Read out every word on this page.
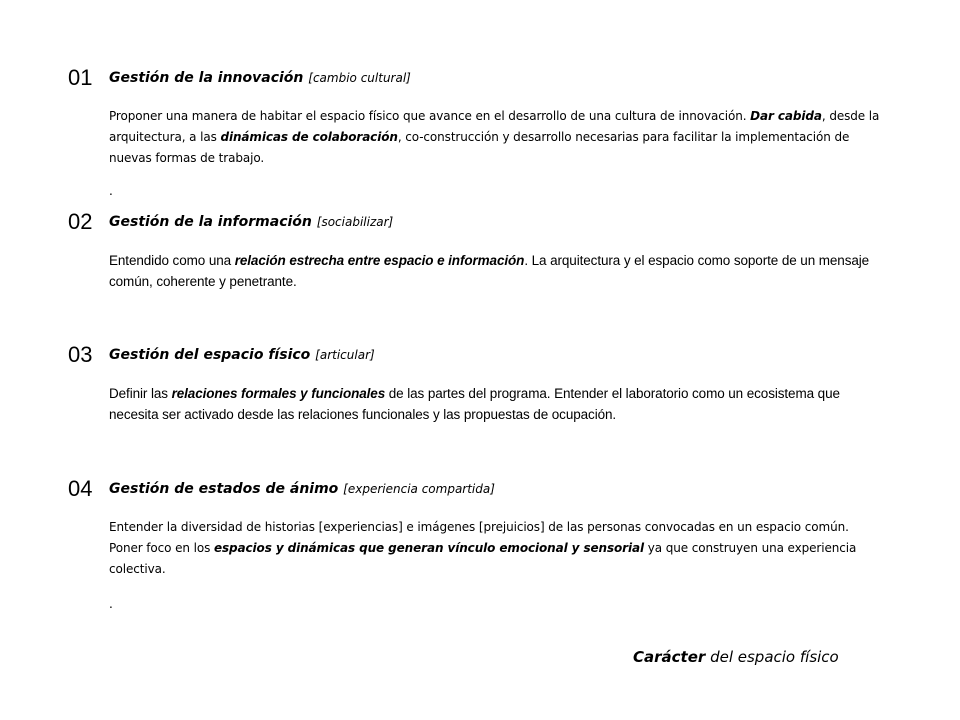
01 Gestión de la innovación [cambio cultural]
Proponer una manera de habitar el espacio físico que avance en el desarrollo de una cultura de innovación. Dar cabida, desde la arquitectura, a las dinámicas de colaboración, co-construcción y desarrollo necesarias para facilitar la implementación de nuevas formas de trabajo.
.
02 Gestión de la información [sociabilizar]
Entendido como una relación estrecha entre espacio e información. La arquitectura y el espacio como soporte de un mensaje común, coherente y penetrante.
03 Gestión del espacio físico [articular]
Definir las relaciones formales y funcionales de las partes del programa. Entender el laboratorio como un ecosistema que necesita ser activado desde las relaciones funcionales y las propuestas de ocupación.
04 Gestión de estados de ánimo [experiencia compartida]
Entender la diversidad de historias [experiencias] e imágenes [prejuicios] de las personas convocadas en un espacio común. Poner foco en los espacios y dinámicas que generan vínculo emocional y sensorial ya que construyen una experiencia colectiva.
.
Carácter del espacio físico
